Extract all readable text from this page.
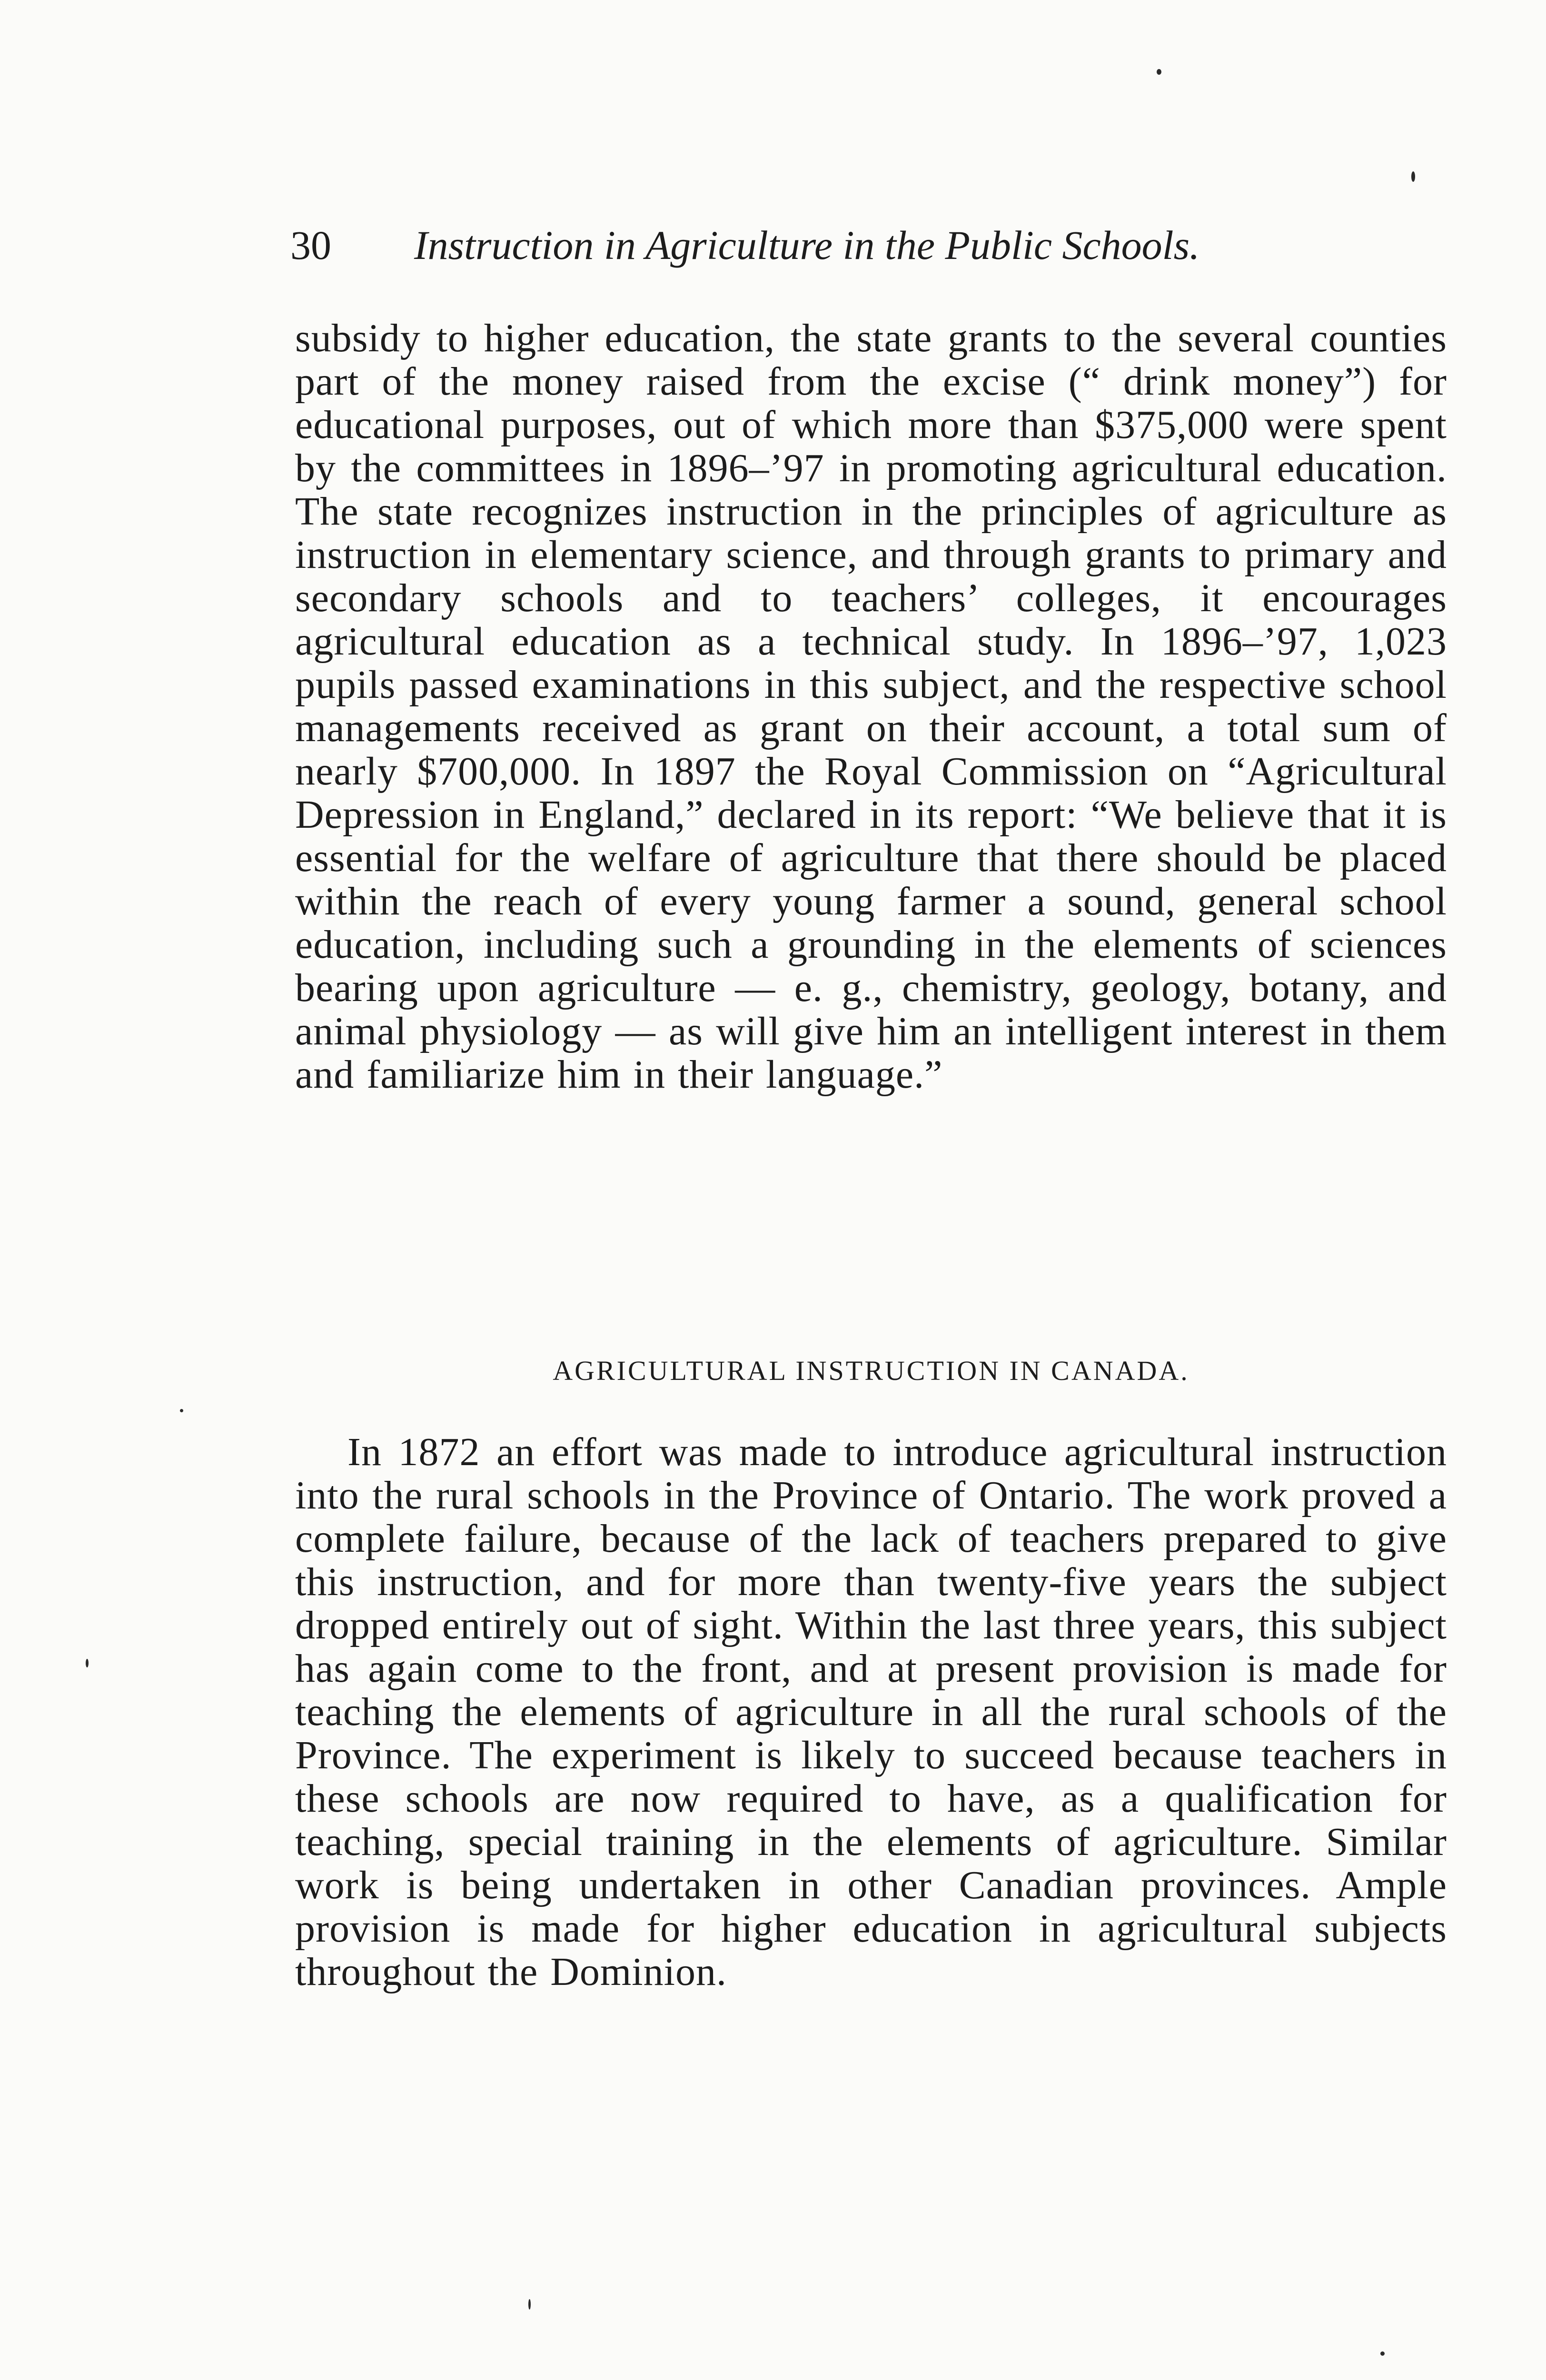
30 Instruction in Agriculture in the Public Schools.
subsidy to higher education, the state grants to the several counties part of the money raised from the excise (“ drink money”) for educational purposes, out of which more than $375,000 were spent by the committees in 1896–’97 in promoting agricultural education. The state recognizes instruction in the principles of agriculture as instruction in elementary science, and through grants to primary and secondary schools and to teachers’ colleges, it encourages agricultural education as a technical study. In 1896–’97, 1,023 pupils passed examinations in this subject, and the respective school managements received as grant on their account, a total sum of nearly $700,000. In 1897 the Royal Commission on “Agricultural Depression in England,” declared in its report: “We believe that it is essential for the welfare of agriculture that there should be placed within the reach of every young farmer a sound, general school education, including such a grounding in the elements of sciences bearing upon agriculture — e. g., chemistry, geology, botany, and animal physiology — as will give him an intelligent interest in them and familiarize him in their language.”
AGRICULTURAL INSTRUCTION IN CANADA.
In 1872 an effort was made to introduce agricultural instruction into the rural schools in the Province of Ontario. The work proved a complete failure, because of the lack of teachers prepared to give this instruction, and for more than twenty-five years the subject dropped entirely out of sight. Within the last three years, this subject has again come to the front, and at present provision is made for teaching the elements of agriculture in all the rural schools of the Province. The experiment is likely to succeed because teachers in these schools are now required to have, as a qualification for teaching, special training in the elements of agriculture. Similar work is being undertaken in other Canadian provinces. Ample provision is made for higher education in agricultural subjects throughout the Dominion.
